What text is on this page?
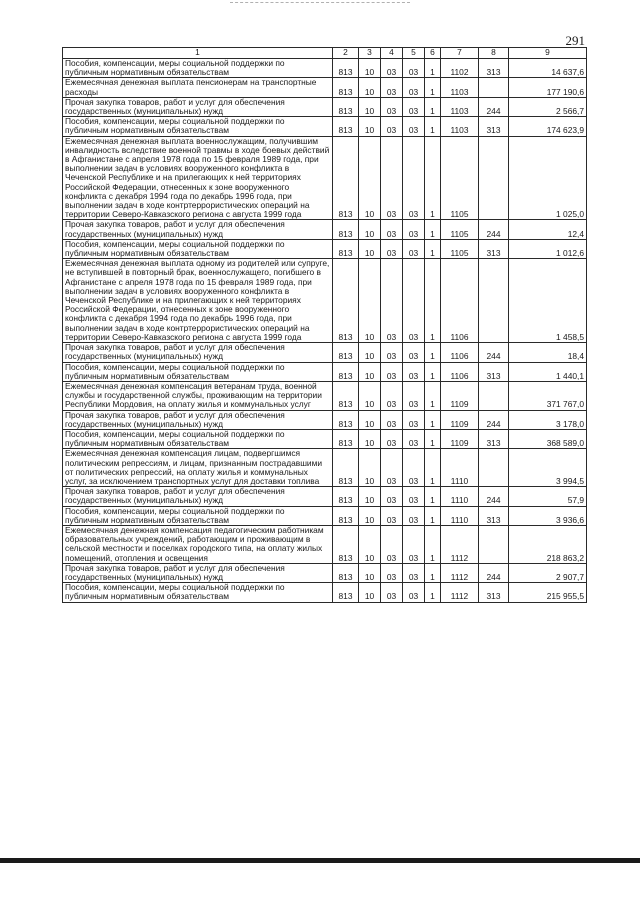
291
1	2	3	4	5	6	7	8	9
Пособия, компенсации, меры социальной поддержки по публичным нормативным обязательствам	813	10	03	03	1	1102	313	14 637,6
Ежемесячная денежная выплата пенсионерам на транспортные расходы	813	10	03	03	1	1103		177 190,6
Прочая закупка товаров, работ и услуг для обеспечения государственных (муниципальных) нужд	813	10	03	03	1	1103	244	2 566,7
Пособия, компенсации, меры социальной поддержки по публичным нормативным обязательствам	813	10	03	03	1	1103	313	174 623,9
Ежемесячная денежная выплата военнослужащим, получившим инвалидность вследствие военной травмы в ходе боевых действий в Афганистане с апреля 1978 года по 15 февраля 1989 года, при выполнении задач в условиях вооруженного конфликта в Чеченской Республике и на прилегающих к ней территориях Российской Федерации, отнесенных к зоне вооруженного конфликта с декабря 1994 года по декабрь 1996 года, при выполнении задач в ходе контртеррористических операций на территории Северо-Кавказского региона с августа 1999 года	813	10	03	03	1	1105		1 025,0
Прочая закупка товаров, работ и услуг для обеспечения государственных (муниципальных) нужд	813	10	03	03	1	1105	244	12,4
Пособия, компенсации, меры социальной поддержки по публичным нормативным обязательствам	813	10	03	03	1	1105	313	1 012,6
Ежемесячная денежная выплата одному из родителей или супруге, не вступившей в повторный брак, военнослужащего, погибшего в Афганистане с апреля 1978 года по 15 февраля 1989 года, при выполнении задач в условиях вооруженного конфликта в Чеченской Республике и на прилегающих к ней территориях Российской Федерации, отнесенных к зоне вооруженного конфликта с декабря 1994 года по декабрь 1996 года, при выполнении задач в ходе контртеррористических операций на территории Северо-Кавказского региона с августа 1999 года	813	10	03	03	1	1106		1 458,5
Прочая закупка товаров, работ и услуг для обеспечения государственных (муниципальных) нужд	813	10	03	03	1	1106	244	18,4
Пособия, компенсации, меры социальной поддержки по публичным нормативным обязательствам	813	10	03	03	1	1106	313	1 440,1
Ежемесячная денежная компенсация ветеранам труда, военной службы и государственной службы, проживающим на территории Республики Мордовия, на оплату жилья и коммунальных услуг	813	10	03	03	1	1109		371 767,0
Прочая закупка товаров, работ и услуг для обеспечения государственных (муниципальных) нужд	813	10	03	03	1	1109	244	3 178,0
Пособия, компенсации, меры социальной поддержки по публичным нормативным обязательствам	813	10	03	03	1	1109	313	368 589,0
Ежемесячная денежная компенсация лицам, подвергшимся политическим репрессиям, и лицам, признанным пострадавшими от политических репрессий, на оплату жилья и коммунальных услуг, за исключением транспортных услуг для доставки топлива	813	10	03	03	1	1110		3 994,5
Прочая закупка товаров, работ и услуг для обеспечения государственных (муниципальных) нужд	813	10	03	03	1	1110	244	57,9
Пособия, компенсации, меры социальной поддержки по публичным нормативным обязательствам	813	10	03	03	1	1110	313	3 936,6
Ежемесячная денежная компенсация педагогическим работникам образовательных учреждений, работающим и проживающим в сельской местности и поселках городского типа, на оплату жилых помещений, отопления и освещения	813	10	03	03	1	1112		218 863,2
Прочая закупка товаров, работ и услуг для обеспечения государственных (муниципальных) нужд	813	10	03	03	1	1112	244	2 907,7
Пособия, компенсации, меры социальной поддержки по публичным нормативным обязательствам	813	10	03	03	1	1112	313	215 955,5
